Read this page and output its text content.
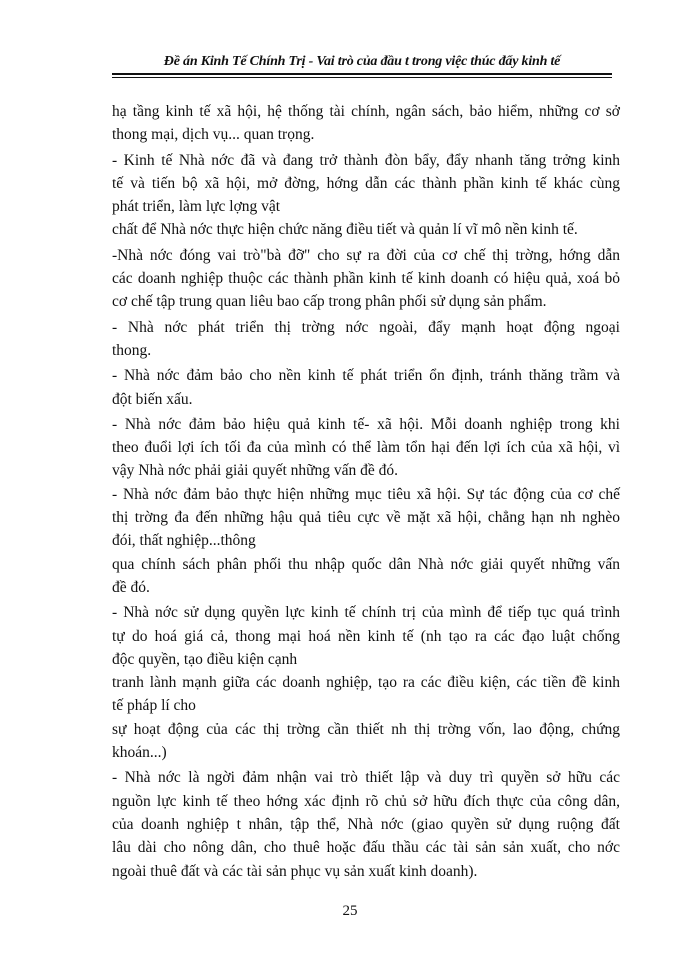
Đề án Kinh Tế Chính Trị - Vai trò của đầu t trong việc thúc đẩy kinh tế
hạ tầng kinh tế xã hội, hệ thống tài chính, ngân sách, bảo hiểm, những cơ sở
thong mại, dịch vụ... quan trọng.
- Kinh tế Nhà nớc đã và đang trở thành đòn bẩy, đẩy nhanh tăng trởng kinh
tế và tiến bộ xã hội, mở đờng, hớng dẫn các thành phần kinh tế khác cùng
phát triển, làm lực lợng vật
chất để Nhà nớc thực hiện chức năng điều tiết và quản lí vĩ mô nền kinh tế.
-Nhà nớc đóng vai trò"bà đỡ" cho sự ra đời của cơ chế thị trờng, hớng dẫn
các doanh nghiệp thuộc các thành phần kinh tế kinh doanh có hiệu quả, xoá bỏ
cơ chế tập trung quan liêu bao cấp trong phân phối sử dụng sản phẩm.
- Nhà nớc phát triển thị trờng nớc ngoài, đẩy mạnh hoạt động ngoại
thong.
- Nhà nớc đảm bảo cho nền kinh tế phát triển ổn định, tránh thăng trầm và
đột biến xấu.
- Nhà nớc đảm bảo hiệu quả kinh tế- xã hội. Mỗi doanh nghiệp trong khi
theo đuổi lợi ích tối đa của mình có thể làm tổn hại đến lợi ích của xã hội, vì
vậy Nhà nớc phải giải quyết những vấn đề đó.
- Nhà nớc đảm bảo thực hiện những mục tiêu xã hội. Sự tác động của cơ chế
thị trờng đa đến những hậu quả tiêu cực về mặt xã hội, chẳng hạn nh nghèo
đói, thất nghiệp...thông
qua chính sách phân phối thu nhập quốc dân Nhà nớc giải quyết những vấn
đề đó.
- Nhà nớc sử dụng quyền lực kinh tế chính trị của mình để tiếp tục quá trình
tự do hoá giá cả, thong mại hoá nền kinh tế (nh tạo ra các đạo luật chống
độc quyền, tạo điều kiện cạnh
tranh lành mạnh giữa các doanh nghiệp, tạo ra các điều kiện, các tiền đề kinh
tế pháp lí cho
sự hoạt động của các thị trờng cần thiết nh thị trờng vốn, lao động, chứng
khoán...)
- Nhà nớc là ngời đảm nhận vai trò thiết lập và duy trì quyền sở hữu các
nguồn lực kinh tế theo hớng xác định rõ chủ sở hữu đích thực của công dân,
của doanh nghiệp t nhân, tập thể, Nhà nớc (giao quyền sử dụng ruộng đất
lâu dài cho nông dân, cho thuê hoặc đấu thầu các tài sản sản xuất, cho nớc
ngoài thuê đất và các tài sản phục vụ sản xuất kinh doanh).
25
